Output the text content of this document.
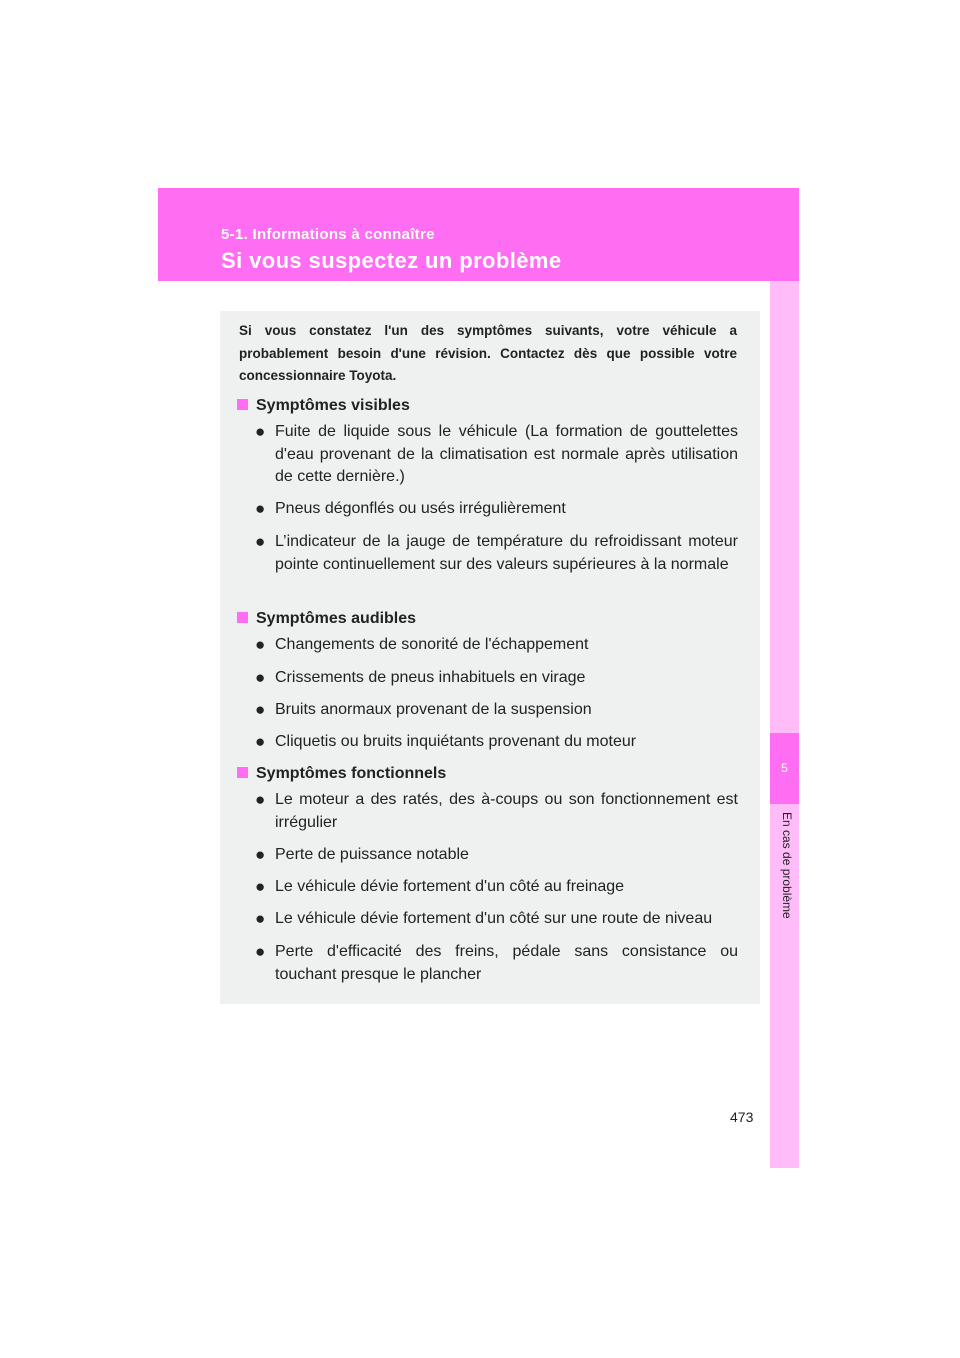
5-1. Informations à connaître
Si vous suspectez un problème
5
En cas de problème
Si vous constatez l'un des symptômes suivants, votre véhicule a probablement besoin d'une révision. Contactez dès que possible votre concessionnaire Toyota.
Symptômes visibles
● Fuite de liquide sous le véhicule (La formation de gouttelettes d'eau provenant de la climatisation est normale après utilisation de cette dernière.)
● Pneus dégonflés ou usés irrégulièrement
● L’indicateur de la jauge de température du refroidissant moteur pointe continuellement sur des valeurs supérieures à la normale
Symptômes audibles
● Changements de sonorité de l'échappement
● Crissements de pneus inhabituels en virage
● Bruits anormaux provenant de la suspension
● Cliquetis ou bruits inquiétants provenant du moteur
Symptômes fonctionnels
● Le moteur a des ratés, des à-coups ou son fonctionnement est irrégulier
● Perte de puissance notable
● Le véhicule dévie fortement d'un côté au freinage
● Le véhicule dévie fortement d'un côté sur une route de niveau
● Perte d'efficacité des freins, pédale sans consistance ou touchant presque le plancher
473
